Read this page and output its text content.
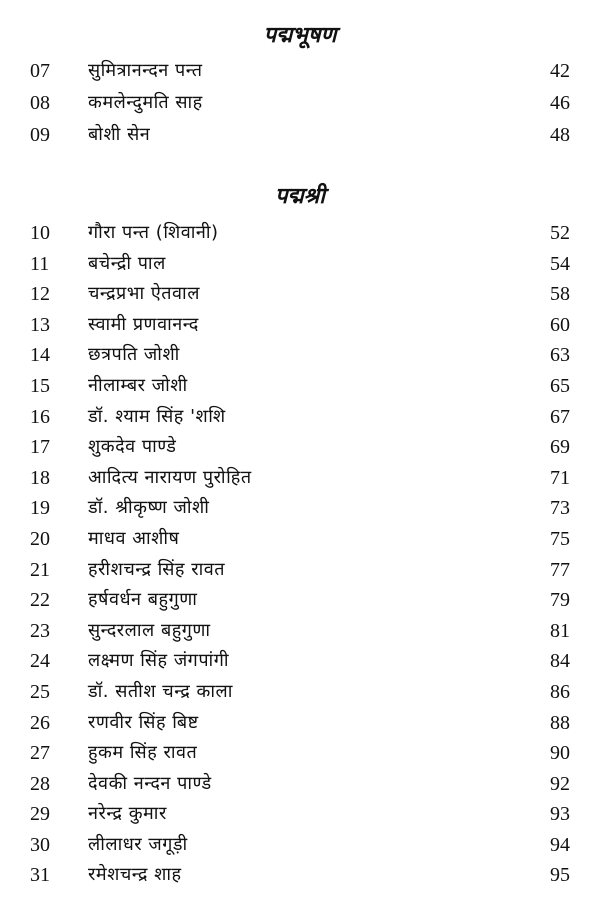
पद्मभूषण
07 सुमित्रानन्दन पन्त	42
08 कमलेन्दुमति साह	46
09 बोशी सेन	48
पद्मश्री
10 गौरा पन्त (शिवानी)	52
11 बचेन्द्री पाल	54
12 चन्द्रप्रभा ऐतवाल	58
13 स्वामी प्रणवानन्द	60
14 छत्रपति जोशी	63
15 नीलाम्बर जोशी	65
16 डॉ. श्याम सिंह 'शशि	67
17 शुकदेव पाण्डे	69
18 आदित्य नारायण पुरोहित	71
19 डॉ. श्रीकृष्ण जोशी	73
20 माधव आशीष	75
21 हरीशचन्द्र सिंह रावत	77
22 हर्षवर्धन बहुगुणा	79
23 सुन्दरलाल बहुगुणा	81
24 लक्ष्मण सिंह जंगपांगी	84
25 डॉ. सतीश चन्द्र काला	86
26 रणवीर सिंह बिष्ट	88
27 हुकम सिंह रावत	90
28 देवकी नन्दन पाण्डे	92
29 नरेन्द्र कुमार	93
30 लीलाधर जगूड़ी	94
31 रमेशचन्द्र शाह	95
